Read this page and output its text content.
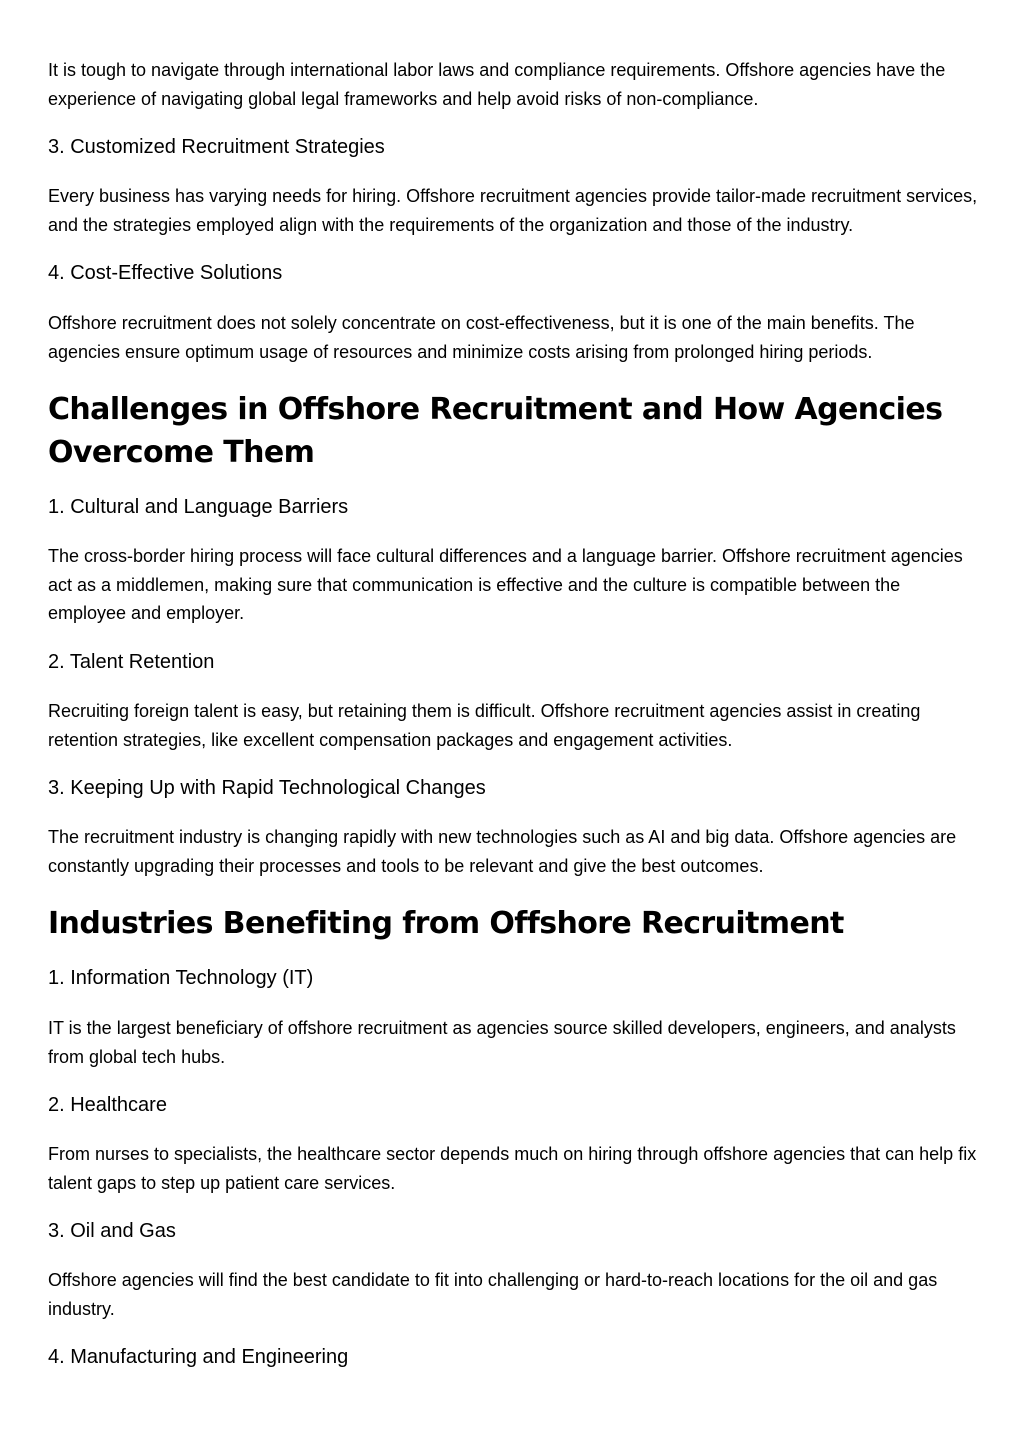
It is tough to navigate through international labor laws and compliance requirements. Offshore agencies have the experience of navigating global legal frameworks and help avoid risks of non-compliance.

3. Customized Recruitment Strategies

Every business has varying needs for hiring. Offshore recruitment agencies provide tailor-made recruitment services, and the strategies employed align with the requirements of the organization and those of the industry.

4. Cost-Effective Solutions

Offshore recruitment does not solely concentrate on cost-effectiveness, but it is one of the main benefits. The agencies ensure optimum usage of resources and minimize costs arising from prolonged hiring periods.

Challenges in Offshore Recruitment and How Agencies Overcome Them
1. Cultural and Language Barriers

The cross-border hiring process will face cultural differences and a language barrier. Offshore recruitment agencies act as a middlemen, making sure that communication is effective and the culture is compatible between the employee and employer.

2. Talent Retention

Recruiting foreign talent is easy, but retaining them is difficult. Offshore recruitment agencies assist in creating retention strategies, like excellent compensation packages and engagement activities.

3. Keeping Up with Rapid Technological Changes

The recruitment industry is changing rapidly with new technologies such as AI and big data. Offshore agencies are constantly upgrading their processes and tools to be relevant and give the best outcomes.

Industries Benefiting from Offshore Recruitment
1. Information Technology (IT)

IT is the largest beneficiary of offshore recruitment as agencies source skilled developers, engineers, and analysts from global tech hubs.

2. Healthcare

From nurses to specialists, the healthcare sector depends much on hiring through offshore agencies that can help fix talent gaps to step up patient care services.

3. Oil and Gas

Offshore agencies will find the best candidate to fit into challenging or hard-to-reach locations for the oil and gas industry.

4. Manufacturing and Engineering
